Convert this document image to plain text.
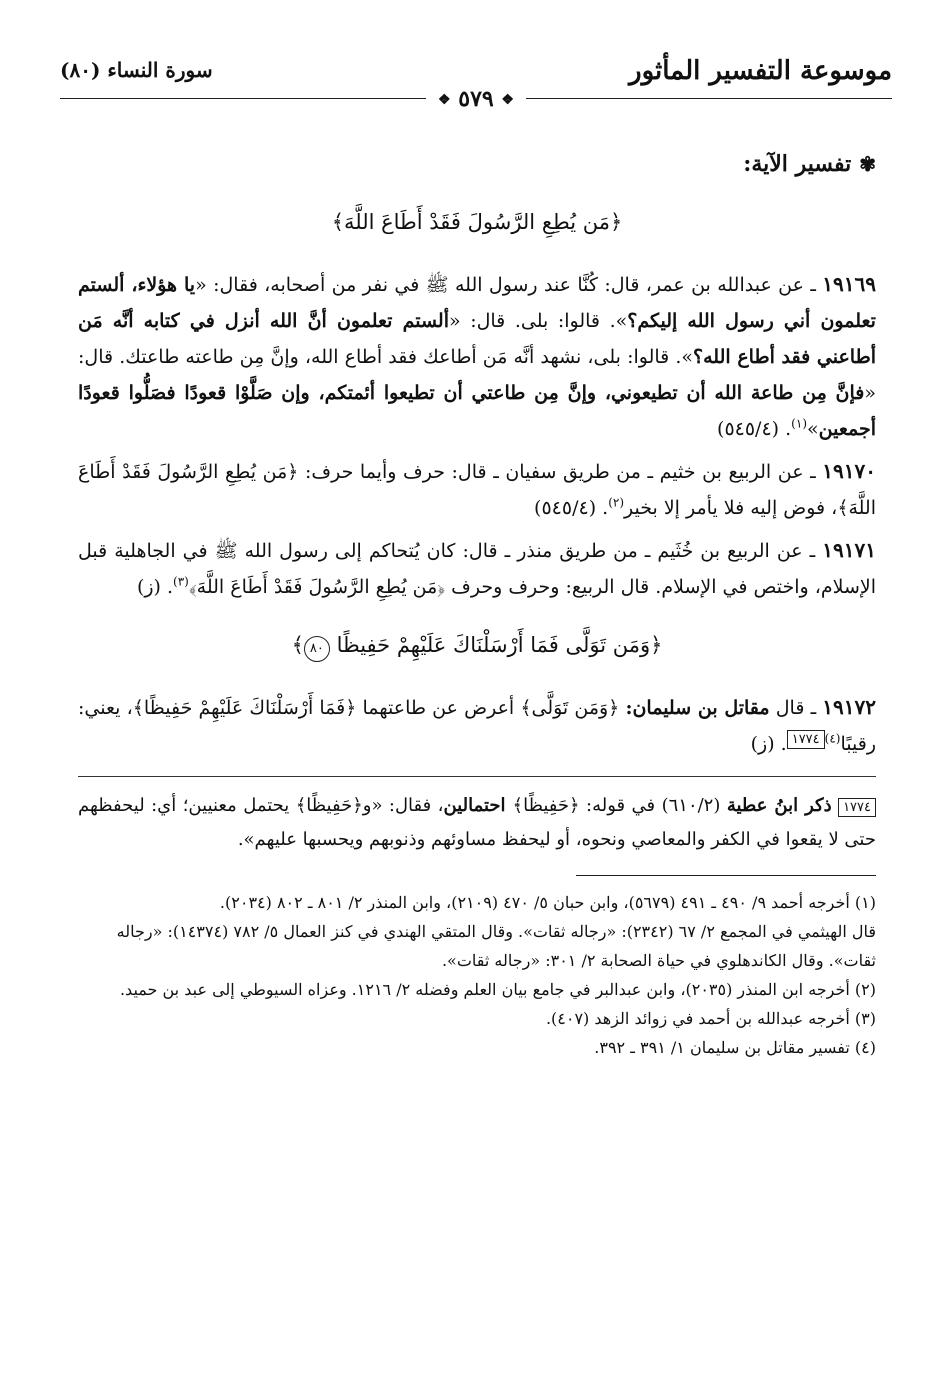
موسوعة التفسير المأثور
سورة النساء (٨٠)
❖ ٥٧٩ ❖
✾تفسير الآية:
﴿مَن يُطِعِ الرَّسُولَ فَقَدْ أَطَاعَ اللَّهَ﴾

١٩١٦٩ ـ عن عبدالله بن عمر، قال: كُنَّا عند رسول الله ﷺ في نفر من أصحابه، فقال: «يا هؤلاء، ألستم تعلمون أني رسول الله إليكم؟». قالوا: بلى. قال: «ألستم تعلمون أنَّ الله أنزل في كتابه أنَّه مَن أطاعني فقد أطاع الله؟». قالوا: بلى، نشهد أنَّه مَن أطاعك فقد أطاع الله، وإنَّ مِن طاعته طاعتك. قال: «فإنَّ مِن طاعة الله أن تطيعوني، وإنَّ مِن طاعتي أن تطيعوا أئمتكم، وإن صَلَّوْا قعودًا فصَلُّوا قعودًا أجمعين»$^{(١)}$. (٥٤٥/٤)

١٩١٧٠ ـ عن الربيع بن خثيم ـ من طريق سفيان ـ قال: حرف وأيما حرف: ﴿مَن يُطِعِ الرَّسُولَ فَقَدْ أَطَاعَ اللَّهَ﴾، فوض إليه فلا يأمر إلا بخير$^{(٢)}$. (٥٤٥/٤)

١٩١٧١ ـ عن الربيع بن خُثَيم ـ من طريق منذر ـ قال: كان يُتحاكم إلى رسول الله ﷺ في الجاهلية قبل الإسلام، واختص في الإسلام. قال الربيع: وحرف وحرف ﴿مَن يُطِعِ الرَّسُولَ فَقَدْ أَطَاعَ اللَّهَ﴾$^{(٣)}$. (ز)

﴿وَمَن تَوَلَّى فَمَا أَرْسَلْنَاكَ عَلَيْهِمْ حَفِيظًا ٨٠﴾

١٩١٧٢ ـ قال مقاتل بن سليمان: ﴿وَمَن تَوَلَّى﴾ أعرض عن طاعتهما ﴿فَمَا أَرْسَلْنَاكَ عَلَيْهِمْ حَفِيظًا﴾، يعني: رقيبًا$^{(٤)}$١٧٧٤. (ز)

١٧٧٤ ذكر ابنُ عطية (٦١٠/٢) في قوله: ﴿حَفِيظًا﴾ احتمالين، فقال: «و﴿حَفِيظًا﴾ يحتمل معنيين؛ أي: ليحفظهم حتى لا يقعوا في الكفر والمعاصي ونحوه، أو ليحفظ مساوئهم وذنوبهم ويحسبها عليهم».

(١) أخرجه أحمد ٩/ ٤٩٠ ـ ٤٩١ (٥٦٧٩)، وابن حبان ٥/ ٤٧٠ (٢١٠٩)، وابن المنذر ٢/ ٨٠١ ـ ٨٠٢ (٢٠٣٤).

قال الهيثمي في المجمع ٢/ ٦٧ (٢٣٤٢): «رجاله ثقات». وقال المتقي الهندي في كنز العمال ٥/ ٧٨٢ (١٤٣٧٤): «رجاله ثقات». وقال الكاندهلوي في حياة الصحابة ٢/ ٣٠١: «رجاله ثقات».

(٢) أخرجه ابن المنذر (٢٠٣٥)، وابن عبدالبر في جامع بيان العلم وفضله ٢/ ١٢١٦. وعزاه السيوطي إلى عبد بن حميد.

(٣) أخرجه عبدالله بن أحمد في زوائد الزهد (٤٠٧).

(٤) تفسير مقاتل بن سليمان ١/ ٣٩١ ـ ٣٩٢.
